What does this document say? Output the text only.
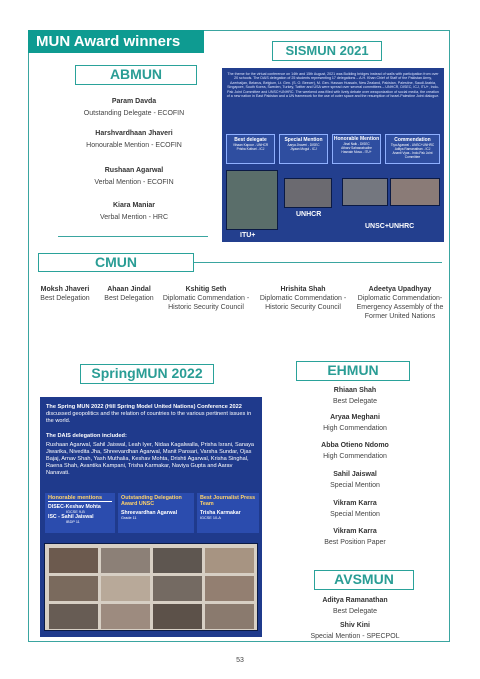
MUN Award winners
ABMUN
Param Davda
Outstanding Delegate - ECOFIN
Harshvardhaan Jhaveri
Honourable Mention - ECOFIN
Rushaan Agarwal
Verbal Mention - ECOFIN
Kiara Maniar
Verbal Mention - HRC
SISMUN 2021
The theme for the virtual conference on 14th and 15th August, 2021 was Building bridges instead of walls with participation from over 20 schools. The DAIS delegation of 25 students representing 17 delegations – A.H. Khan Chief of Staff of the Pakistan Army, Azerbaijan, Belarus, Belgium, Lt. Gen. (S. O. Beecer), M. Gen. Hassan Hussain, New Zealand, Pakistan, Palestine, Saudi Arabia, Singapore, South Korea, Sweden, Turkey, Twitter and USA were spread over several committees – UNHCR, DISEC, ICJ, ITU+, Indo-Pak Joint Committee and UNSC+UNHRC. The weekend was filled with lively debate over weaponization of social media, the creation of a new nation in East Pakistan and a UN framework for the use of outer space and the resumption of Israel-Palestine Joint dialogue.
Best delegate
Vihaan Kapoor - UNHCR
Prisha Kothari - ICJ
Special Mention
Aarya Jhaveri - DISEC
Jiyaan Mogul - ICJ
Honorable Mention
Jinal Naik - DISEC
Atharv Sahasrabudhe
Hasnain Mosa - ITU+
Commendation
Tiya Agarwal - UNSC+UNHRC
Aditya Ramanathan - ICJ
Ananti Vyas - Indo-Pak Joint Committee
ITU+
UNHCR
UNSC+UNHRC
CMUN
Moksh Jhaveri
Best Delegation
Ahaan Jindal
Best Delegation
Kshitig Seth
Diplomatic Commendation - Historic Security Council
Hrishita Shah
Diplomatic Commendation - Historic Security Council
Adeetya Upadhyay
Diplomatic Commendation- Emergency Assembly of the Former United Nations
SpringMUN 2022
The Spring MUN 2022 (Hill Spring Model United Nations) Conference 2022 discussed geopolitics and the relation of countries to the various pertinent issues in the world.
The DAIS delegation included:
Rushaan Agarwal, Sahil Jaiswal, Leah Iyer, Nidaa Kagalwalla, Prisha Israni, Sanaya Jiwarika, Nivedita Jha, Shreevardhan Agarwal, Manit Pansari, Varsha Sundar, Ojas Bajaj, Arnav Shah, Yash Muthalia, Keshav Mohta, Drishti Agarwal, Krisha Singhal, Raena Shah, Avantika Kampani, Trisha Karmakar, Naviya Gupta and Aarav Nanavati.
Honorable mentions
DISEC-Keshav Mohta
IGCSE 9-B
ISC - Sahil Jaiswal
IBDP 11
Outstanding Delegation Award UNSC
Shreevardhan Agarwal
Grade 11
Best Journalist Press Team
Trisha Karmakar
IGCSE 10-A
EHMUN
Rhiaan Shah
Best Delegate
Aryaa Meghani
High Commendation
Abba Otieno Ndomo
High Commendation
Sahil Jaiswal
Special Mention
Vikram Karra
Special Mention
Vikram Karra
Best Position Paper
AVSMUN
Aditya Ramanathan
Best Delegate
Shiv Kini
Special Mention - SPECPOL
53
